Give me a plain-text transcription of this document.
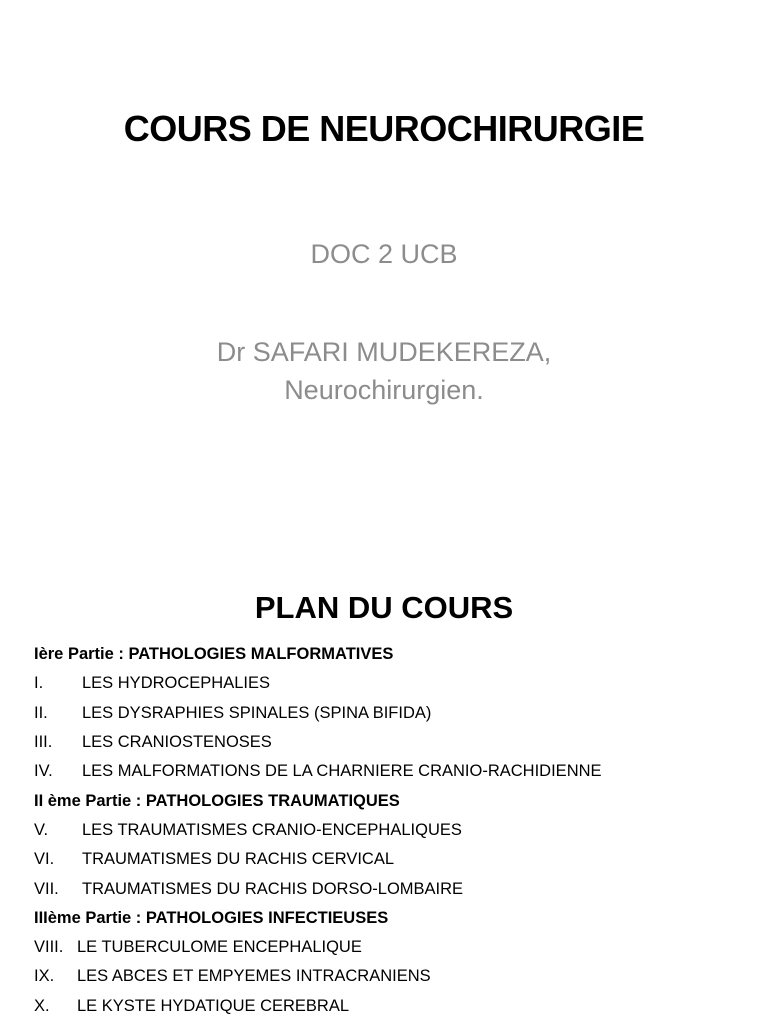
COURS DE NEUROCHIRURGIE
DOC 2 UCB
Dr SAFARI MUDEKEREZA,
Neurochirurgien.
PLAN DU COURS
Ière Partie : PATHOLOGIES MALFORMATIVES
I.	LES HYDROCEPHALIES
II.	LES DYSRAPHIES SPINALES (SPINA BIFIDA)
III.	LES CRANIOSTENOSES
IV.	LES MALFORMATIONS DE LA CHARNIERE CRANIO-RACHIDIENNE
II ème Partie : PATHOLOGIES TRAUMATIQUES
V.	LES TRAUMATISMES CRANIO-ENCEPHALIQUES
VI.	TRAUMATISMES DU RACHIS CERVICAL
VII.	TRAUMATISMES DU RACHIS DORSO-LOMBAIRE
IIIème Partie : PATHOLOGIES INFECTIEUSES
VIII. LE TUBERCULOME ENCEPHALIQUE
IX.	LES ABCES ET EMPYEMES INTRACRANIENS
X.	LE KYSTE HYDATIQUE CEREBRAL
